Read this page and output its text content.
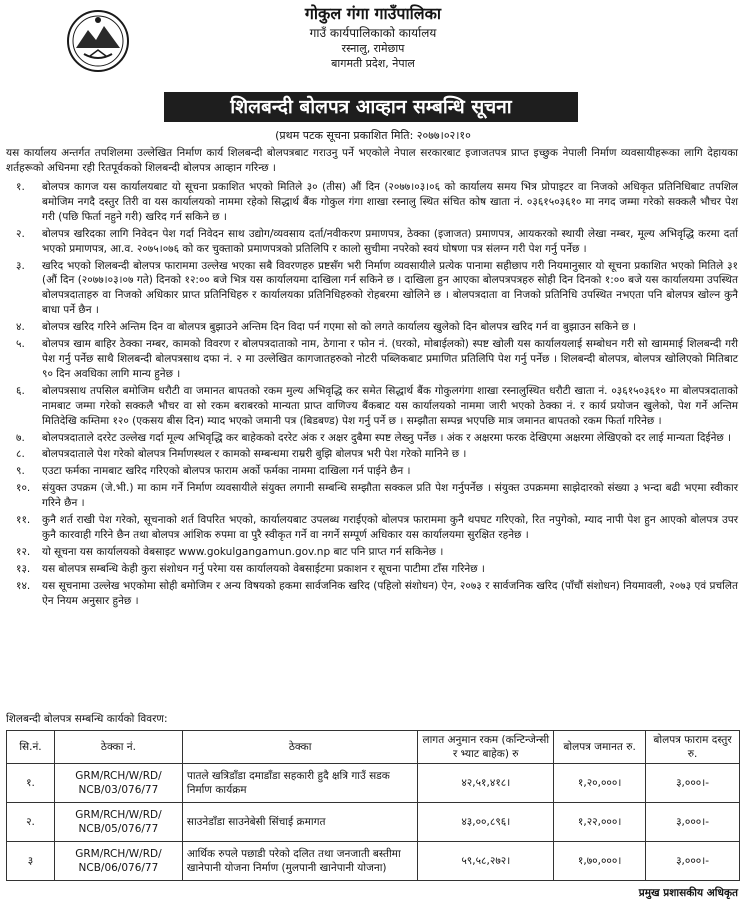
गोकुल गंगा गाउँपालिका
गाउँ कार्यपालिकाको कार्यालय
रस्नालु, रामेछाप
बागमती प्रदेश, नेपाल
शिलबन्दी बोलपत्र आव्हान सम्बन्धि सूचना
(प्रथम पटक सूचना प्रकाशित मिति: २०७७।०२।१०
यस कार्यालय अन्तर्गत तपशिलमा उल्लेखित निर्माण कार्य शिलबन्दी बोलपत्रबाट गराउनु पर्ने भएकोले नेपाल सरकारबाट इजाजतपत्र प्राप्त इच्छुक नेपाली निर्माण व्यवसायीहरूका लागि देहायका शर्तहरूको अधिनमा रही रितपूर्वकको शिलबन्दी बोलपत्र आव्हान गरिन्छ ।
१. बोलपत्र कागज यस कार्यालयबाट यो सूचना प्रकाशित भएको मितिले ३० (तीस) औं दिन (२०७७।०३।०६ को कार्यालय समय भित्र प्रोपाइटर वा निजको अधिकृत प्रतिनिधिबाट तपशिल बमोजिम नगदै दस्तुर तिरी वा यस कार्यालयको नाममा रहेको सिद्धार्थ बैंक गोकुल गंगा शाखा रस्नालु स्थित संचित कोष खाता नं. ०३६१५०३६१० मा नगद जम्मा गरेको सक्कलै भौचर पेश गरी (पछि फिर्ता नहुने गरी) खरिद गर्न सकिने छ ।
२. बोलपत्र खरिदका लागि निवेदन पेश गर्दा निवेदन साथ उद्योग/व्यवसाय दर्ता/नवीकरण प्रमाणपत्र, ठेक्का (इजाजत) प्रमाणपत्र, आयकरको स्थायी लेखा नम्बर, मूल्य अभिवृद्धि करमा दर्ता भएको प्रमाणपत्र, आ.व. २०७५।०७६ को कर चुक्ताको प्रमाणपत्रको प्रतिलिपि र कालो सुचीमा नपरेको स्वयं घोषणा पत्र संलग्न गरी पेश गर्नु पर्नेछ ।
३. खरिद भएको शिलबन्दी बोलपत्र फाराममा उल्लेख भएका सबै विवरणहरु प्रष्टसँग भरी निर्माण व्यवसायीले प्रत्येक पानामा सहीछाप गरी नियमानुसार यो सूचना प्रकाशित भएको मितिले ३१ (औं दिन (२०७७।०३।०७ गते) दिनको १२:०० बजे भित्र यस कार्यालयमा दाखिला गर्न सकिने छ । दाखिला हुन आएका बोलपत्रपत्रहरु सोही दिन दिनको १:०० बजे यस कार्यालयमा उपस्थित बोलपत्रदाताहरु वा निजको अधिकार प्राप्त प्रतिनिधिहरु र कार्यालयका प्रतिनिधिहरुको रोहबरमा खोलिने छ । बोलपत्रदाता वा निजको प्रतिनिधि उपस्थित नभएता पनि बोलपत्र खोल्न कुनै बाधा पर्ने छैन ।
४. बोलपत्र खरिद गरिने अन्तिम दिन वा बोलपत्र बुझाउने अन्तिम दिन विदा पर्न गएमा सो को लगते कार्यालय खुलेको दिन बोलपत्र खरिद गर्न वा बुझाउन सकिने छ ।
५. बोलपत्र खाम बाहिर ठेक्का नम्बर, कामको विवरण र बोलपत्रदाताको नाम, ठेगाना र फोन नं. (घरको, मोबाईलको) स्पष्ट खोली यस कार्यालयलाई सम्बोधन गरी सो खाममाई शिलबन्दी गरी पेश गर्नु पर्नेछ साथै शिलबन्दी बोलपत्रसाथ दफा नं. २ मा उल्लेखित कागजातहरुको नोटरी पब्लिकबाट प्रमाणित प्रतिलिपि पेश गर्नु पर्नेछ । शिलबन्दी बोलपत्र, बोलपत्र खोलिएको मितिबाट ९० दिन अवधिका लागि मान्य हुनेछ ।
६. बोलपत्रसाथ तपसिल बमोजिम धरौटी वा जमानत बापतको रकम मुल्य अभिवृद्धि कर समेत सिद्धार्थ बैंक गोकुलगंगा शाखा रस्नालुस्थित धरौटी खाता नं. ०३६१५०३६१० मा बोलपत्रदाताको नामबाट जम्मा गरेको सक्कलै भौचर वा सो रकम बराबरको मान्यता प्राप्त वाणिज्य बैंकबाट यस कार्यालयको नाममा जारी भएको ठेक्का नं. र कार्य प्रयोजन खुलेको, पेश गर्ने अन्तिम मितिदेखि कम्तिमा १२० (एकसय बीस दिन) म्याद भएको जमानी पत्र (बिडबण्ड) पेश गर्नु पर्ने छ । सम्झौता सम्पन्न भएपछि मात्र जमानत बापतको रकम फिर्ता गरिनेछ ।
७. बोलपत्रदाताले दररेट उल्लेख गर्दा मूल्य अभिवृद्धि कर बाहेकको दररेट अंक र अक्षर दुबैमा स्पष्ट लेख्नु पर्नेछ । अंक र अक्षरमा फरक देखिएमा अक्षरमा लेखिएको दर लाई मान्यता दिईनेछ ।
८. बोलपत्रदाताले पेश गरेको बोलपत्र निर्माणस्थल र कामको सम्बन्धमा राम्ररी बुझि बोलपत्र भरी पेश गरेको मानिने छ ।
९. एउटा फर्मका नामबाट खरिद गरिएको बोलपत्र फाराम अर्को फर्मका नाममा दाखिला गर्न पाईने छैन ।
१०. संयुक्त उपक्रम (जे.भी.) मा काम गर्ने निर्माण व्यवसायीले संयुक्त लगानी सम्बन्धि सम्झौता सक्कल प्रति पेश गर्नुपर्नेछ । संयुक्त उपक्रममा साझेदारको संख्या ३ भन्दा बढी भएमा स्वीकार गरिने छैन ।
११. कुनै शर्त राखी पेश गरेको, सूचनाको शर्त विपरित भएको, कार्यालयबाट उपलब्ध गराईएको बोलपत्र फाराममा कुनै थपघट गरिएको, रित नपुगेको, म्याद नापी पेश हुन आएको बोलपत्र उपर कुनै कारवाही गरिने छैन तथा बोलपत्र आंशिक रुपमा वा पुरै स्वीकृत गर्ने वा नगर्ने सम्पूर्ण अधिकार यस कार्यालयमा सुरक्षित रहनेछ ।
१२. यो सूचना यस कार्यालयको वेबसाइट www.gokulgangamun.gov.np बाट पनि प्राप्त गर्न सकिनेछ ।
१३. यस बोलपत्र सम्बन्धि केही कुरा संशोधन गर्नु परेमा यस कार्यालयको वेबसाईटमा प्रकाशन र सूचना पाटीमा टाँस गरिनेछ ।
१४. यस सूचनामा उल्लेख भएकोमा सोही बमोजिम र अन्य विषयको हकमा सार्वजनिक खरिद (पहिलो संशोधन) ऐन, २०७३ र सार्वजनिक खरिद (पाँचौं संशोधन) नियमावली, २०७३ एवं प्रचलित ऐन नियम अनुसार हुनेछ ।
शिलबन्दी बोलपत्र सम्बन्धि कार्यको विवरण:
सि.नं.	ठेक्का नं.	ठेक्का	लागत अनुमान रकम (कन्टिन्जेन्सी र भ्याट बाहेक) रु	बोलपत्र जमानत रु.	बोलपत्र फाराम दस्तुर रु.
१.	GRM/RCH/W/RD/ NCB/03/076/77	पातले खत्रिडाँडा दमाडाँडा सहकारी हुदै क्षत्रि गाउँ सडक निर्माण कार्यक्रम	४२,५१,४१८।	१,२०,०००।	३,०००।-
२.	GRM/RCH/W/RD/ NCB/05/076/77	साउनेडाँडा साउनेबेसी सिंचाई क्रमागत	४३,००,८९६।	१,२२,०००।	३,०००।-
३	GRM/RCH/W/RD/ NCB/06/076/77	आर्थिक रुपले पछाडी परेको दलित तथा जनजाती बस्तीमा खानेपानी योजना निर्माण (मुलपानी खानेपानी योजना)	५९,५८,२७२।	१,७०,०००।	३,०००।-
प्रमुख प्रशासकीय अधिकृत
